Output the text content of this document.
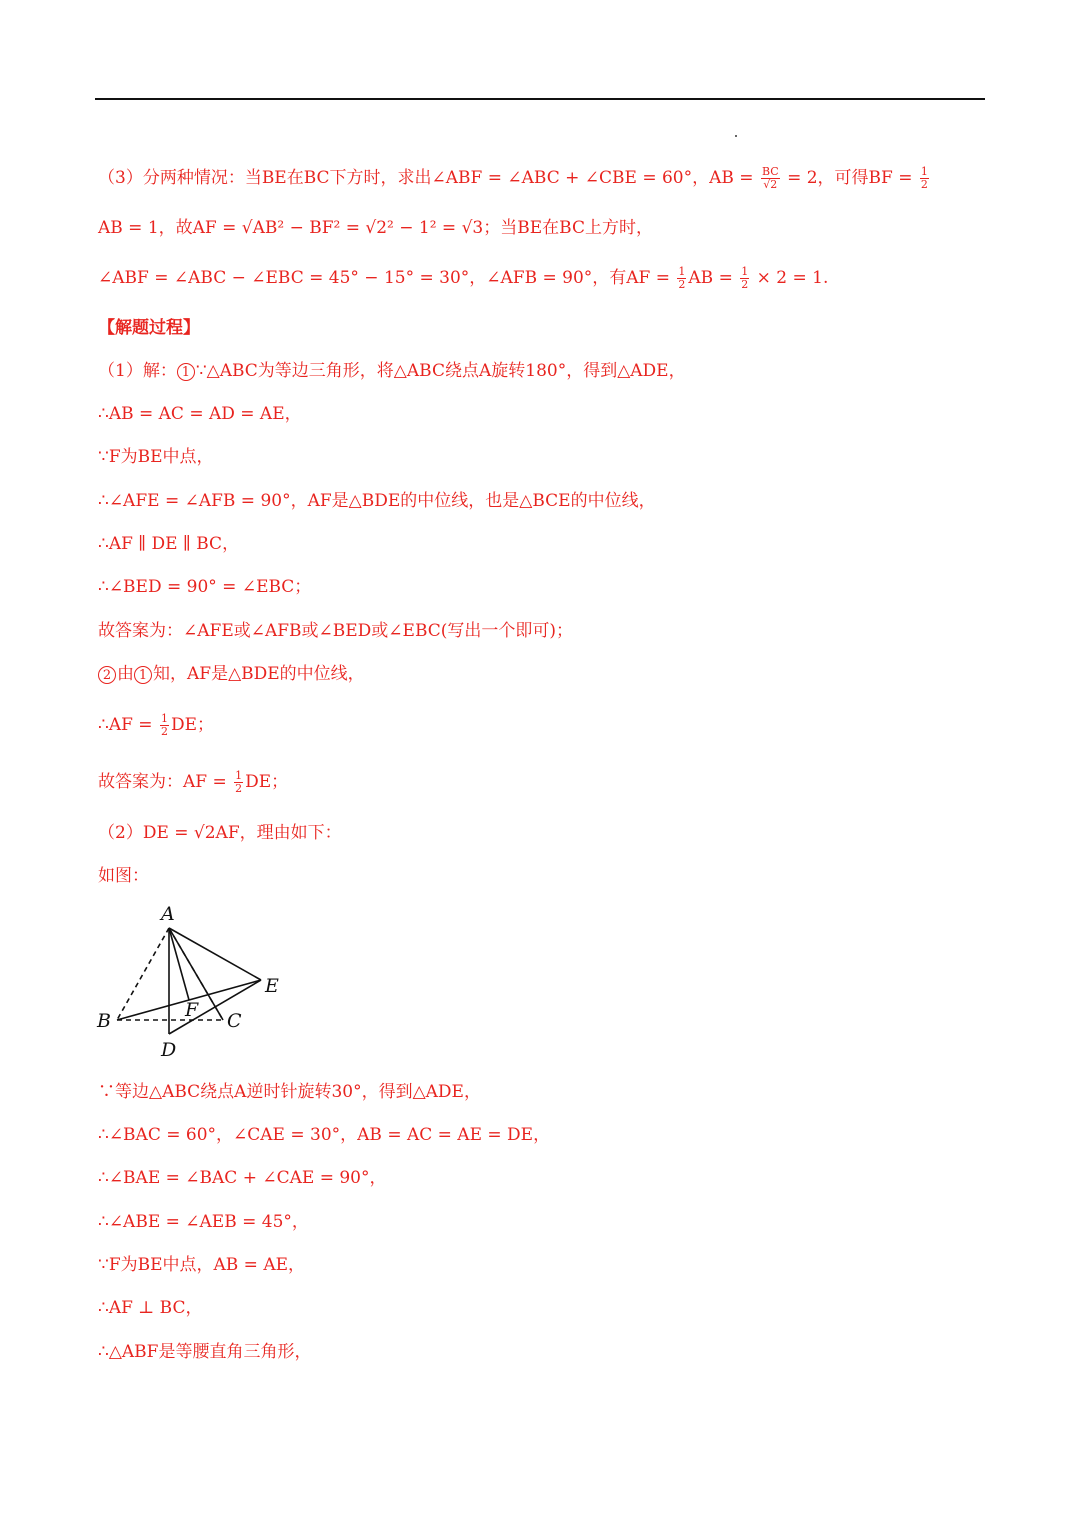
（3）分两种情况：当BE在BC下方时，求出∠ABF = ∠ABC + ∠CBE = 60°，AB = $\frac{BC}{√2} = 2$，可得BF = $\frac{1}{2}$
AB = 1，故AF = √AB² − BF² = √2² − 1² = √3；当BE在BC上方时，
∠ABF = ∠ABC − ∠EBC = 45° − 15° = 30°，∠AFB = 90°，有AF = $\frac{1}{2}$ AB = $\frac{1}{2} \times 2 = 1$.
【解题过程】
（1）解： 1 ∵△ABC为等边三角形，将△ABC绕点A旋转180°，得到△ADE，
∴AB = AC = AD = AE，
∵F为BE中点，
∴∠AFE = ∠AFB = 90°，AF是△BDE的中位线，也是△BCE的中位线，
∴AF ∥ DE ∥ BC，
∴∠BED = 90° = ∠EBC；
故答案为：∠AFE或∠AFB或∠BED或∠EBC(写出一个即可)；
2 由 1 知，AF是△BDE的中位线，
∴AF = $\frac{1}{2}$ DE；
故答案为：AF = $\frac{1}{2}$ DE；
（2）DE = √2AF，理由如下：
如图：
A
B	C
D
E
F
∵等边△ABC绕点A逆时针旋转30°，得到△ADE，
∴∠BAC = 60°，∠CAE = 30°，AB = AC = AE = DE，
∴∠BAE = ∠BAC + ∠CAE = 90°，
∴∠ABE = ∠AEB = 45°，
∵F为BE中点，AB = AE，
∴AF ⊥ BC，
∴△ABF是等腰直角三角形，
